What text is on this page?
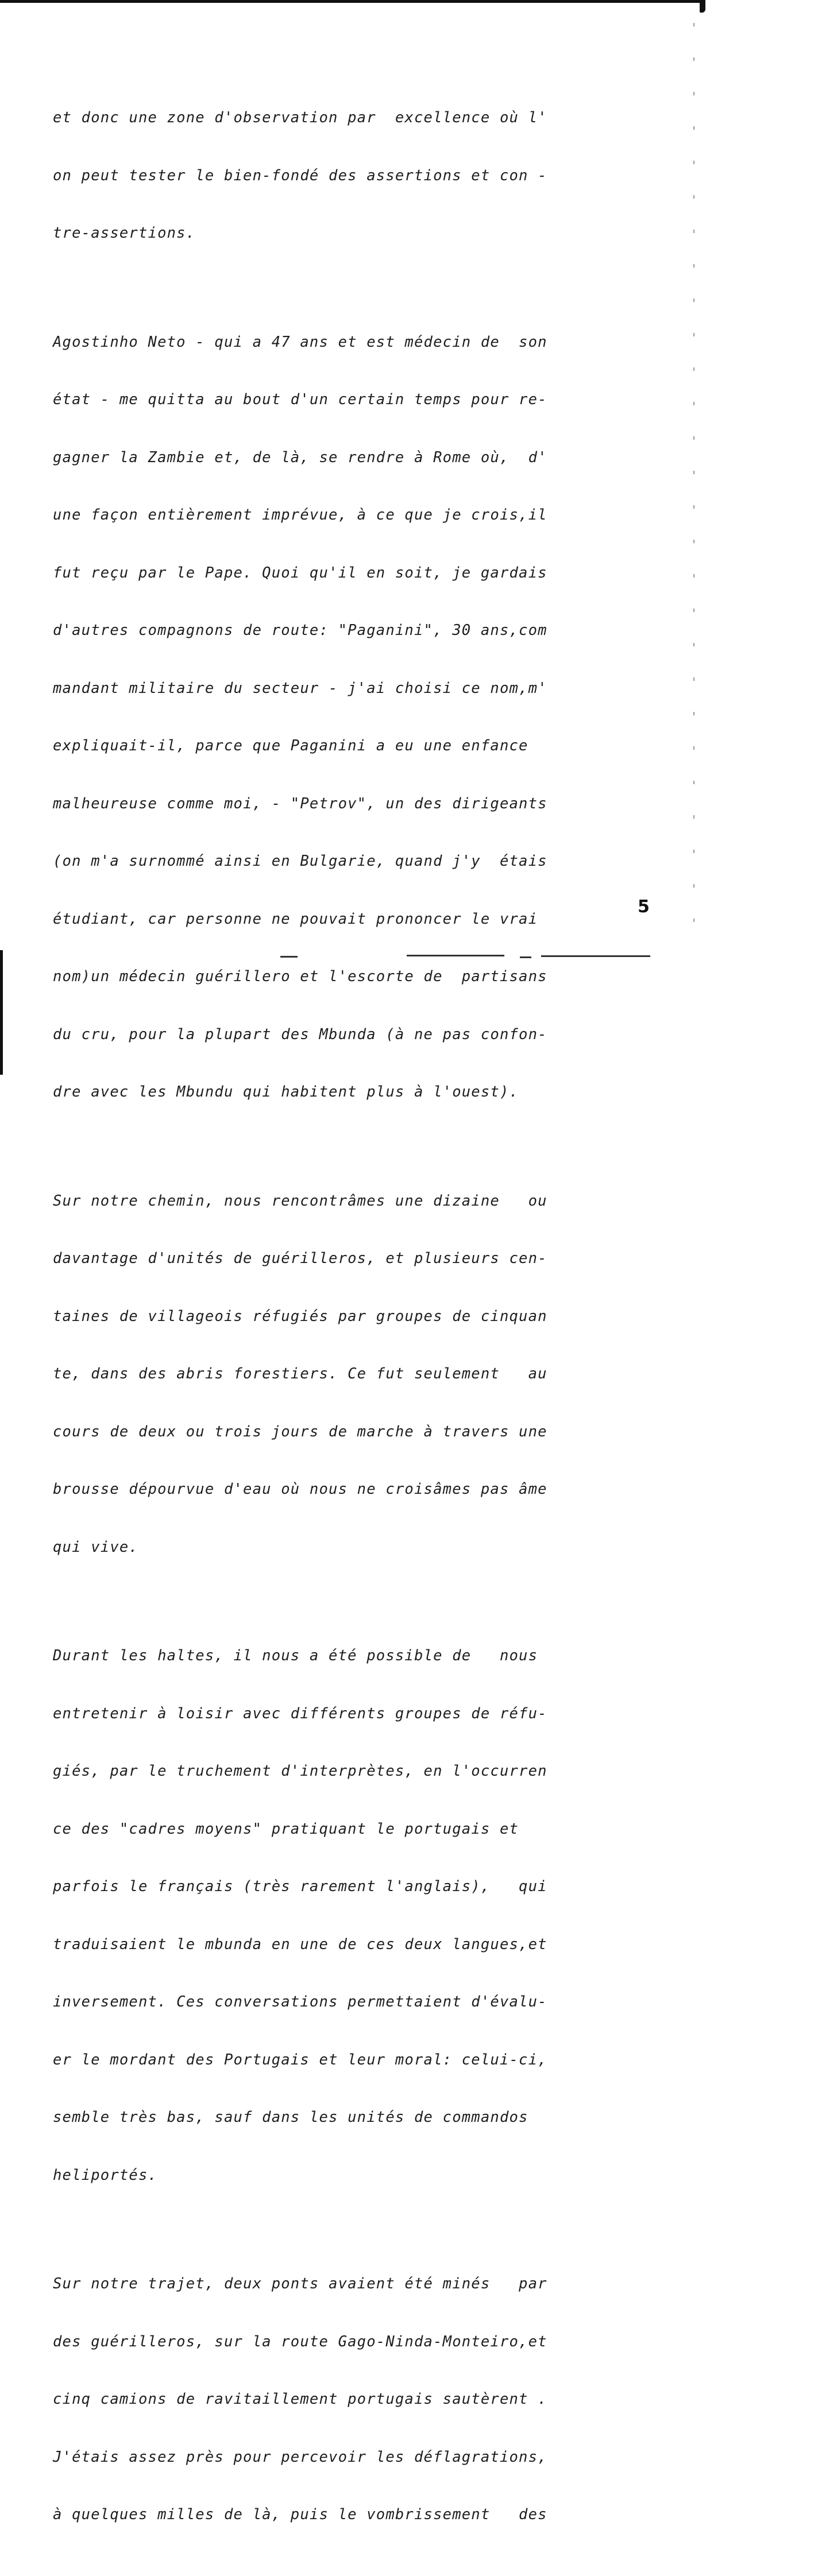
et donc une zone d'observation par  excellence où l'

on peut tester le bien-fondé des assertions et con -

tre-assertions.

Agostinho Neto - qui a 47 ans et est médecin de  son

état - me quitta au bout d'un certain temps pour re-

gagner la Zambie et, de là, se rendre à Rome où,  d'

une façon entièrement imprévue, à ce que je crois,il

fut reçu par le Pape. Quoi qu'il en soit, je gardais

d'autres compagnons de route: "Paganini", 30 ans,com

mandant militaire du secteur - j'ai choisi ce nom,m'

expliquait-il, parce que Paganini a eu une enfance

malheureuse comme moi, - "Petrov", un des dirigeants

(on m'a surnommé ainsi en Bulgarie, quand j'y  étais

étudiant, car personne ne pouvait prononcer le vrai

nom)un médecin guérillero et l'escorte de  partisans

du cru, pour la plupart des Mbunda (à ne pas confon-

dre avec les Mbundu qui habitent plus à l'ouest).

Sur notre chemin, nous rencontrâmes une dizaine   ou

davantage d'unités de guérilleros, et plusieurs cen-

taines de villageois réfugiés par groupes de cinquan

te, dans des abris forestiers. Ce fut seulement   au

cours de deux ou trois jours de marche à travers une

brousse dépourvue d'eau où nous ne croisâmes pas âme

qui vive.

Durant les haltes, il nous a été possible de   nous

entretenir à loisir avec différents groupes de réfu-

giés, par le truchement d'interprètes, en l'occurren

ce des "cadres moyens" pratiquant le portugais et

parfois le français (très rarement l'anglais),   qui

traduisaient le mbunda en une de ces deux langues,et

inversement. Ces conversations permettaient d'évalu-

er le mordant des Portugais et leur moral: celui-ci,

semble très bas, sauf dans les unités de commandos

heliportés.

Sur notre trajet, deux ponts avaient été minés   par

des guérilleros, sur la route Gago-Ninda-Monteiro,et

cinq camions de ravitaillement portugais sautèrent .

J'étais assez près pour percevoir les déflagrations,

à quelques milles de là, puis le vombrissement   des

5
